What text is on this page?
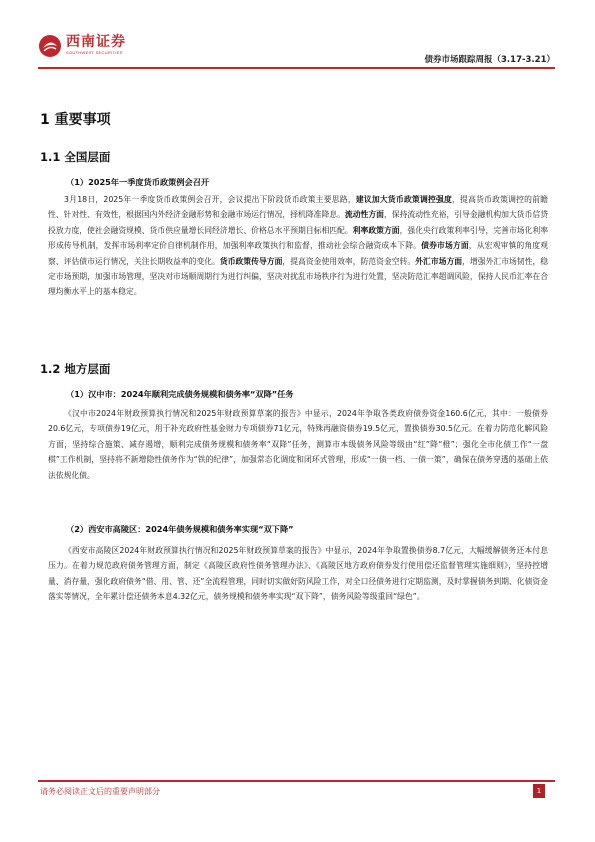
西南证券
SOUTHWEST SECURITIES
债券市场跟踪周报（3.17-3.21）
1 重要事项
1.1 全国层面
（1）2025年一季度货币政策例会召开

3月18日，2025年一季度货币政策例会召开，会议提出下阶段货币政策主要思路，建议加大货币政策调控强度，提高货币政策调控的前瞻性、针对性、有效性，根据国内外经济金融形势和金融市场运行情况，择机降准降息。流动性方面，保持流动性充裕，引导金融机构加大货币信贷投放力度，使社会融资规模、货币供应量增长同经济增长、价格总水平预期目标相匹配。利率政策方面，强化央行政策利率引导，完善市场化利率形成传导机制，发挥市场利率定价自律机制作用，加强利率政策执行和监督，推动社会综合融资成本下降。债券市场方面，从宏观审慎的角度观察、评估债市运行情况，关注长期收益率的变化。货币政策传导方面，提高资金使用效率，防范资金空转。外汇市场方面，增强外汇市场韧性，稳定市场预期，加强市场管理，坚决对市场顺周期行为进行纠偏，坚决对扰乱市场秩序行为进行处置，坚决防范汇率超调风险，保持人民币汇率在合理均衡水平上的基本稳定。

1.2 地方层面
（1）汉中市：2024年顺利完成债务规模和债务率“双降”任务

《汉中市2024年财政预算执行情况和2025年财政预算草案的报告》中显示，2024年争取各类政府债券资金160.6亿元，其中：一般债券20.6亿元，专项债券19亿元，用于补充政府性基金财力专项债券71亿元，特殊再融资债券19.5亿元，置换债券30.5亿元。在着力防范化解风险方面，坚持综合施策、减存遏增，顺利完成债务规模和债务率“双降”任务，测算市本级债务风险等级由“红”降“橙”；强化全市化债工作“一盘棋”工作机制，坚持将不新增隐性债务作为“铁的纪律”，加强常态化调度和闭环式管理，形成“一债一档、一债一策”，确保在债务穿透的基础上依法依规化债。

（2）西安市高陵区：2024年债务规模和债务率实现“双下降”

《西安市高陵区2024年财政预算执行情况和2025年财政预算草案的报告》中显示，2024年争取置换债券8.7亿元，大幅缓解债务还本付息压力。在着力规范政府债务管理方面，制定《高陵区政府性债务管理办法》、《高陵区地方政府债券发行使用偿还监督管理实施细则》，坚持控增量、消存量，强化政府债务“借、用、管、还”全流程管理，同时切实做好防风险工作，对全口径债务进行定期监测，及时掌握债务到期、化债资金落实等情况，全年累计偿还债务本息4.32亿元，债务规模和债务率实现“双下降”，债务风险等级重回“绿色”。

请务必阅读正文后的重要声明部分	1
